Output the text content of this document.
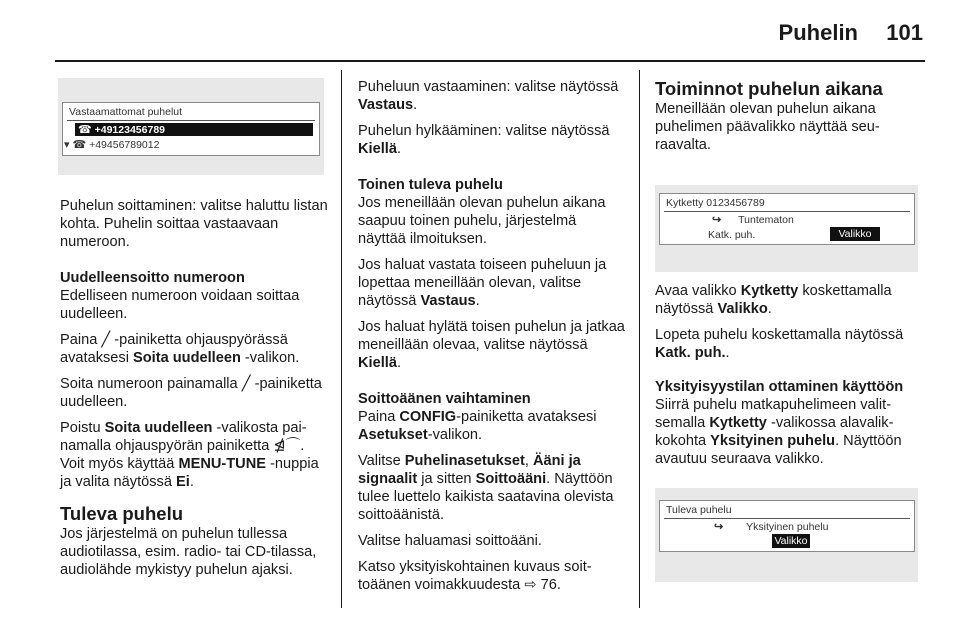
Puhelin	101
Vastaamattomat puhelut
☎ +49123456789
▾ ☎ +49456789012

Puhelun soittaminen: valitse haluttu listan kohta. Puhelin soittaa vastaavaan numeroon.

Uudelleensoitto numeroon

Edelliseen numeroon voidaan soittaa uudelleen.

Paina ╱ -painiketta ohjauspyörässä avataksesi Soita uudelleen -valikon.

Soita numeroon painamalla ╱ -painiketta uudelleen.

Poistu Soita uudelleen -valikosta painamalla ohjauspyörän painiketta ⋬⌒. Voit myös käyttää MENU-TUNE -nuppia ja valita näytössä Ei.

Tuleva puhelu

Jos järjestelmä on puhelun tullessa audiotilassa, esim. radio- tai CD-tilassa, audiolähde mykistyy puhelun ajaksi.

Puheluun vastaaminen: valitse näytössä Vastaus.

Puhelun hylkääminen: valitse näytössä Kiellä.

Toinen tuleva puhelu

Jos meneillään olevan puhelun aikana saapuu toinen puhelu, järjestelmä näyttää ilmoituksen.

Jos haluat vastata toiseen puheluun ja lopettaa meneillään olevan, valitse näytössä Vastaus.

Jos haluat hylätä toisen puhelun ja jatkaa meneillään olevaa, valitse näytössä Kiellä.

Soittoäänen vaihtaminen

Paina CONFIG-painiketta avataksesi Asetukset-valikon.

Valitse Puhelinasetukset, Ääni ja signaalit ja sitten Soittoääni. Näyttöön tulee luettelo kaikista saatavina olevista soittoäänistä.

Valitse haluamasi soittoääni.

Katso yksityiskohtainen kuvaus soittoäänen voimakkuudesta ⇨ 76.

Toiminnot puhelun aikana

Meneillään olevan puhelun aikana puhelimen päävalikko näyttää seuraavalta.

Kytketty 0123456789
↪ Tuntematon
Katk. puh.	Valikko

Avaa valikko Kytketty koskettamalla näytössä Valikko.

Lopeta puhelu koskettamalla näytössä Katk. puh..

Yksityisyystilan ottaminen käyttöön

Siirrä puhelu matkapuhelimeen valitsemalla Kytketty -valikossa alavalikkokohta Yksityinen puhelu. Näyttöön avautuu seuraava valikko.

Tuleva puhelu
↪ Yksityinen puhelu
Valikko
